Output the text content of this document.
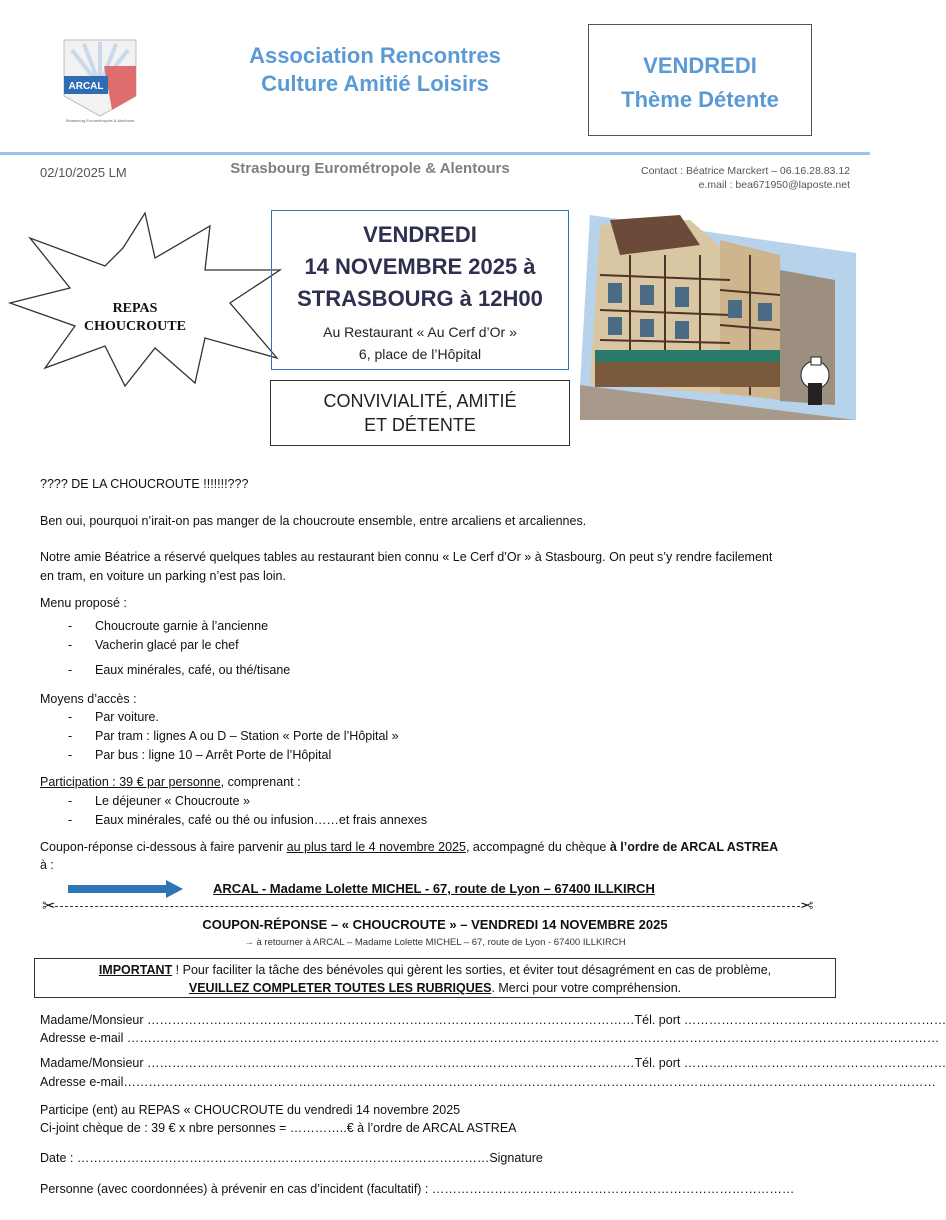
ARCAL
Strasbourg Eurométropole & Alentours
Association Rencontres
Culture Amitié Loisirs
VENDREDI
Thème Détente
02/10/2025 LM	Strasbourg Eurométropole & Alentours	Contact : Béatrice Marckert – 06.16.28.83.12
e.mail : bea671950@laposte.net
REPAS
CHOUCROUTE
VENDREDI
14 NOVEMBRE 2025 à
STRASBOURG à 12H00
Au Restaurant « Au Cerf d’Or »
6, place de l’Hôpital
CONVIVIALITÉ, AMITIÉ
ET DÉTENTE
???? DE LA CHOUCROUTE !!!!!!!???
Ben oui, pourquoi n’irait-on pas manger de la choucroute ensemble, entre arcaliens et arcaliennes.
Notre amie Béatrice a réservé quelques tables au restaurant bien connu « Le Cerf d’Or » à Stasbourg. On peut s’y rendre facilement
en tram, en voiture un parking n’est pas loin.
Menu proposé :
- Choucroute garnie à l’ancienne
- Vacherin glacé par le chef
- Eaux minérales, café, ou thé/tisane
Moyens d’accès :
- Par voiture.
- Par tram : lignes A ou D – Station « Porte de l’Hôpital »
- Par bus : ligne 10 – Arrêt Porte de l’Hôpital
Participation : 39 € par personne, comprenant :
- Le déjeuner « Choucroute »
- Eaux minérales, café ou thé ou infusion……et frais annexes
Coupon-réponse ci-dessous à faire parvenir au plus tard le 4 novembre 2025, accompagné du chèque à l’ordre de ARCAL ASTREA
à :
ARCAL - Madame Lolette MICHEL - 67, route de Lyon – 67400 ILLKIRCH
✂	✂
COUPON-RÉPONSE – « CHOUCROUTE » – VENDREDI 14 NOVEMBRE 2025
→ à retourner à ARCAL – Madame Lolette MICHEL – 67, route de Lyon - 67400 ILLKIRCH
IMPORTANT ! Pour faciliter la tâche des bénévoles qui gèrent les sorties, et éviter tout désagrément en cas de problème,
VEUILLEZ COMPLETER TOUTES LES RUBRIQUES. Merci pour votre compréhension.
Madame/Monsieur ………………………………………………………………………………………………………Tél. port ………………………………………………………
Adresse e-mail ……………………………………………………………………………………………………………………………………………………………………………
Madame/Monsieur ………………………………………………………………………………………………………Tél. port ………………………………………………………
Adresse e-mail……………………………………………………………………………………………………………………………………………………………………………
Participe (ent) au REPAS « CHOUCROUTE du vendredi 14 novembre 2025
Ci-joint chèque de : 39 € x nbre personnes = …………..€ à l’ordre de ARCAL ASTREA
Date : ………………………………………………………………………………………Signature
Personne (avec coordonnées) à prévenir en cas d’incident (facultatif) : ……………………………………………………………………………
